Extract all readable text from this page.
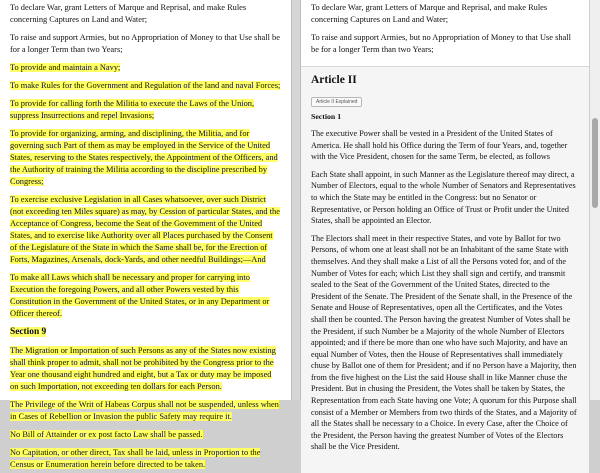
To declare War, grant Letters of Marque and Reprisal, and make Rules concerning Captures on Land and Water;

To raise and support Armies, but no Appropriation of Money to that Use shall be for a longer Term than two Years;

To provide and maintain a Navy;

To make Rules for the Government and Regulation of the land and naval Forces;

To provide for calling forth the Militia to execute the Laws of the Union, suppress Insurrections and repel Invasions;

To provide for organizing, arming, and disciplining, the Militia, and for governing such Part of them as may be employed in the Service of the United States, reserving to the States respectively, the Appointment of the Officers, and the Authority of training the Militia according to the discipline prescribed by Congress;

To exercise exclusive Legislation in all Cases whatsoever, over such District (not exceeding ten Miles square) as may, by Cession of particular States, and the Acceptance of Congress, become the Seat of the Government of the United States, and to exercise like Authority over all Places purchased by the Consent of the Legislature of the State in which the Same shall be, for the Erection of Forts, Magazines, Arsenals, dock-Yards, and other needful Buildings;—And

To make all Laws which shall be necessary and proper for carrying into Execution the foregoing Powers, and all other Powers vested by this Constitution in the Government of the United States, or in any Department or Officer thereof.

Section 9

The Migration or Importation of such Persons as any of the States now existing shall think proper to admit, shall not be prohibited by the Congress prior to the Year one thousand eight hundred and eight, but a Tax or duty may be imposed on such Importation, not exceeding ten dollars for each Person.

The Privilege of the Writ of Habeas Corpus shall not be suspended, unless when in Cases of Rebellion or Invasion the public Safety may require it.

No Bill of Attainder or ex post facto Law shall be passed.

No Capitation, or other direct, Tax shall be laid, unless in Proportion to the Census or Enumeration herein before directed to be taken.

To declare War, grant Letters of Marque and Reprisal, and make Rules concerning Captures on Land and Water;

To raise and support Armies, but no Appropriation of Money to that Use shall be for a longer Term than two Years;

Article II
Article II Explained
Section 1

The executive Power shall be vested in a President of the United States of America. He shall hold his Office during the Term of four Years, and, together with the Vice President, chosen for the same Term, be elected, as follows

Each State shall appoint, in such Manner as the Legislature thereof may direct, a Number of Electors, equal to the whole Number of Senators and Representatives to which the State may be entitled in the Congress: but no Senator or Representative, or Person holding an Office of Trust or Profit under the United States, shall be appointed an Elector.

The Electors shall meet in their respective States, and vote by Ballot for two Persons, of whom one at least shall not be an Inhabitant of the same State with themselves. And they shall make a List of all the Persons voted for, and of the Number of Votes for each; which List they shall sign and certify, and transmit sealed to the Seat of the Government of the United States, directed to the President of the Senate. The President of the Senate shall, in the Presence of the Senate and House of Representatives, open all the Certificates, and the Votes shall then be counted. The Person having the greatest Number of Votes shall be the President, if such Number be a Majority of the whole Number of Electors appointed; and if there be more than one who have such Majority, and have an equal Number of Votes, then the House of Representatives shall immediately chuse by Ballot one of them for President; and if no Person have a Majority, then from the five highest on the List the said House shall in like Manner chuse the President. But in chusing the President, the Votes shall be taken by States, the Representation from each State having one Vote; A quorum for this Purpose shall consist of a Member or Members from two thirds of the States, and a Majority of all the States shall be necessary to a Choice. In every Case, after the Choice of the President, the Person having the greatest Number of Votes of the Electors shall be the Vice President.
